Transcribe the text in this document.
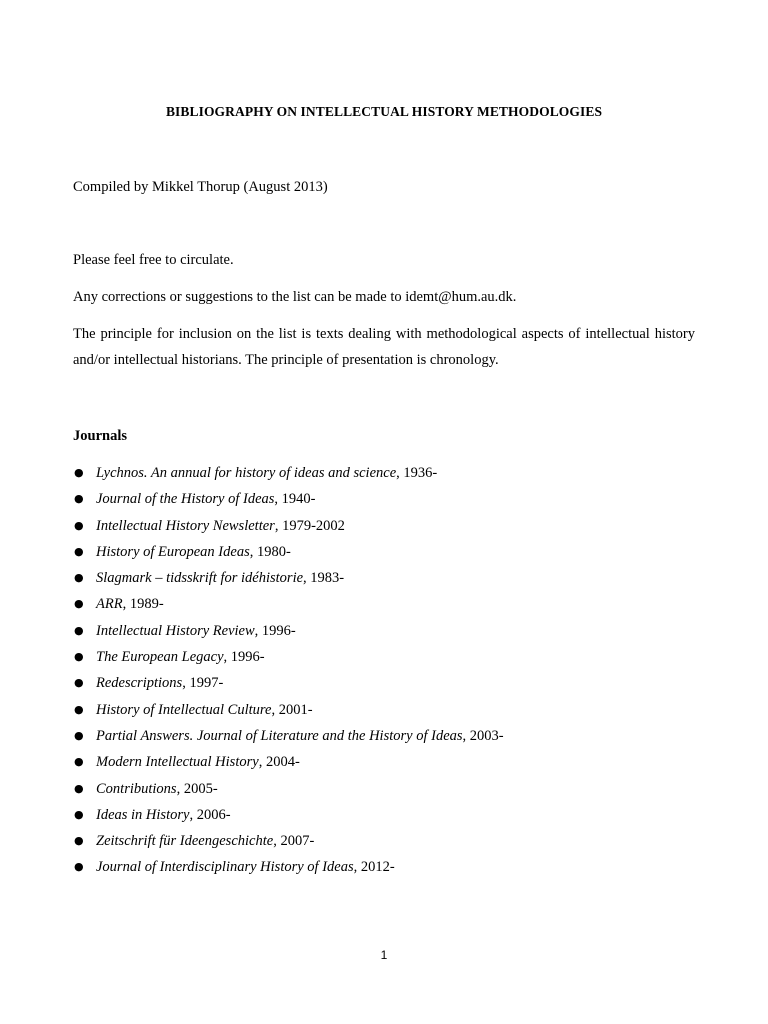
BIBLIOGRAPHY ON INTELLECTUAL HISTORY METHODOLOGIES
Compiled by Mikkel Thorup (August 2013)
Please feel free to circulate.
Any corrections or suggestions to the list can be made to idemt@hum.au.dk.
The principle for inclusion on the list is texts dealing with methodological aspects of intellectual history and/or intellectual historians. The principle of presentation is chronology.
Journals
● Lychnos. An annual for history of ideas and science, 1936-
● Journal of the History of Ideas, 1940-
● Intellectual History Newsletter, 1979-2002
● History of European Ideas, 1980-
● Slagmark – tidsskrift for idéhistorie, 1983-
● ARR, 1989-
● Intellectual History Review, 1996-
● The European Legacy, 1996-
● Redescriptions, 1997-
● History of Intellectual Culture, 2001-
● Partial Answers. Journal of Literature and the History of Ideas, 2003-
● Modern Intellectual History, 2004-
● Contributions, 2005-
● Ideas in History, 2006-
● Zeitschrift für Ideengeschichte, 2007-
● Journal of Interdisciplinary History of Ideas, 2012-
1
